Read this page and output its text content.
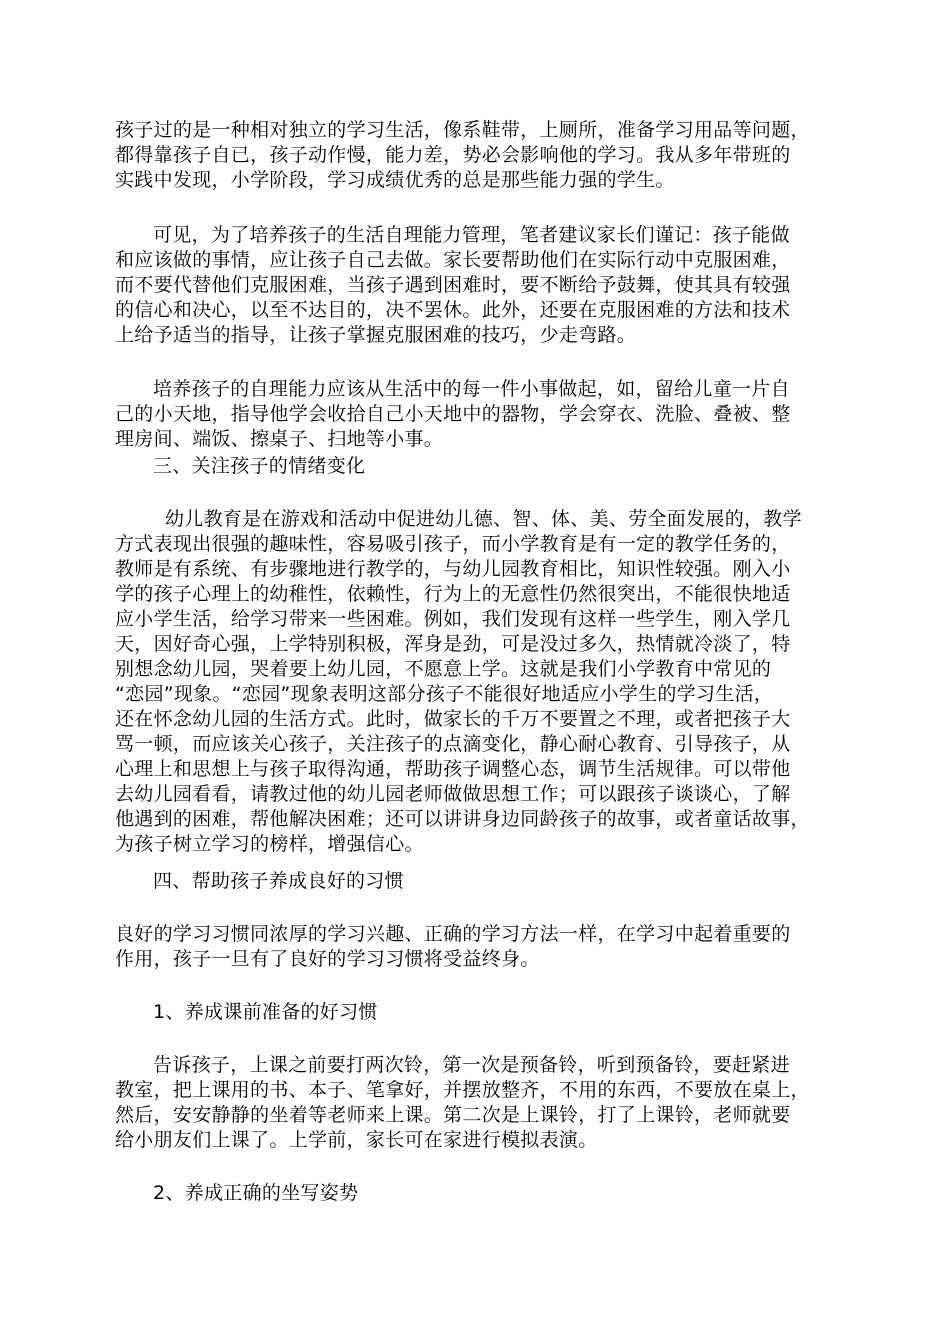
孩子过的是一种相对独立的学习生活，像系鞋带，上厕所，准备学习用品等问题，
都得靠孩子自已，孩子动作慢，能力差，势必会影响他的学习。我从多年带班的
实践中发现，小学阶段，学习成绩优秀的总是那些能力强的学生。
可见，为了培养孩子的生活自理能力管理，笔者建议家长们谨记：孩子能做
和应该做的事情，应让孩子自己去做。家长要帮助他们在实际行动中克服困难，
而不要代替他们克服困难，当孩子遇到困难时，要不断给予鼓舞，使其具有较强
的信心和决心，以至不达目的，决不罢休。此外，还要在克服困难的方法和技术
上给予适当的指导，让孩子掌握克服困难的技巧，少走弯路。
培养孩子的自理能力应该从生活中的每一件小事做起，如，留给儿童一片自
己的小天地，指导他学会收拾自己小天地中的器物，学会穿衣、洗脸、叠被、整
理房间、端饭、擦桌子、扫地等小事。
三、关注孩子的情绪变化
幼儿教育是在游戏和活动中促进幼儿德、智、体、美、劳全面发展的，教学
方式表现出很强的趣味性，容易吸引孩子，而小学教育是有一定的教学任务的，
教师是有系统、有步骤地进行教学的，与幼儿园教育相比，知识性较强。刚入小
学的孩子心理上的幼稚性，依赖性，行为上的无意性仍然很突出，不能很快地适
应小学生活，给学习带来一些困难。例如，我们发现有这样一些学生，刚入学几
天，因好奇心强，上学特别积极，浑身是劲，可是没过多久，热情就冷淡了，特
别想念幼儿园，哭着要上幼儿园，不愿意上学。这就是我们小学教育中常见的
“恋园”现象。“恋园”现象表明这部分孩子不能很好地适应小学生的学习生活，
还在怀念幼儿园的生活方式。此时，做家长的千万不要置之不理，或者把孩子大
骂一顿，而应该关心孩子，关注孩子的点滴变化，静心耐心教育、引导孩子，从
心理上和思想上与孩子取得沟通，帮助孩子调整心态，调节生活规律。可以带他
去幼儿园看看，请教过他的幼儿园老师做做思想工作；可以跟孩子谈谈心，了解
他遇到的困难，帮他解决困难；还可以讲讲身边同龄孩子的故事，或者童话故事，
为孩子树立学习的榜样，增强信心。
四、帮助孩子养成良好的习惯
良好的学习习惯同浓厚的学习兴趣、正确的学习方法一样，在学习中起着重要的
作用，孩子一旦有了良好的学习习惯将受益终身。
1、养成课前准备的好习惯
告诉孩子，上课之前要打两次铃，第一次是预备铃，听到预备铃，要赶紧进
教室，把上课用的书、本子、笔拿好，并摆放整齐，不用的东西，不要放在桌上，
然后，安安静静的坐着等老师来上课。第二次是上课铃，打了上课铃，老师就要
给小朋友们上课了。上学前，家长可在家进行模拟表演。
2、养成正确的坐写姿势
